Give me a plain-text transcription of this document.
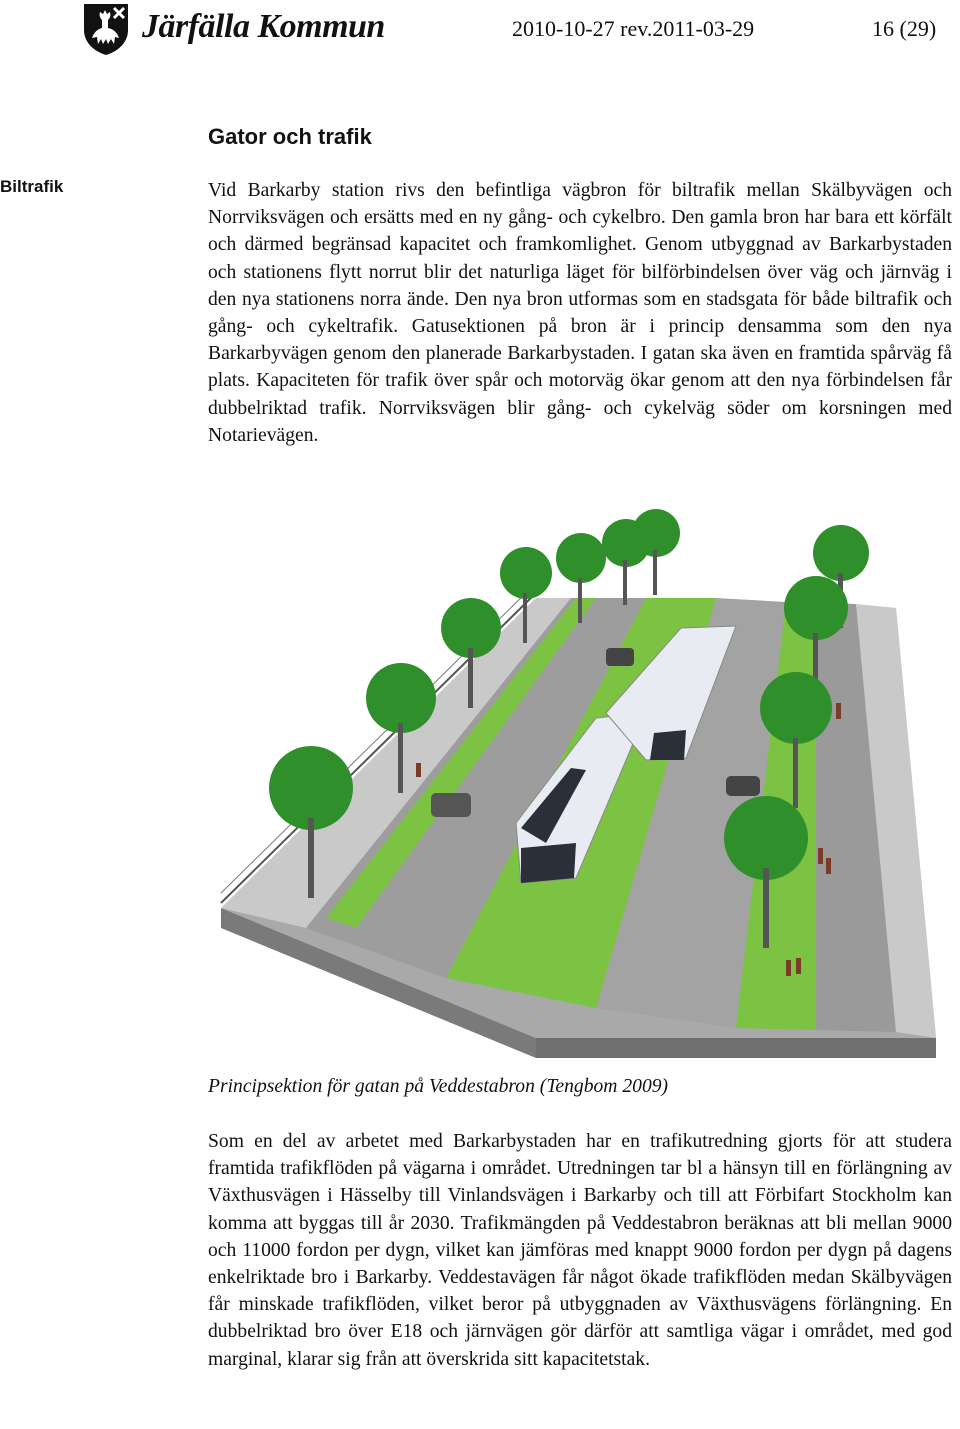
Järfälla Kommun	2010-10-27 rev.2011-03-29	16 (29)
Gator och trafik
Biltrafik	Vid Barkarby station rivs den befintliga vägbron för biltrafik mellan Skälbyvägen och Norrviksvägen och ersätts med en ny gång- och cykelbro. Den gamla bron har bara ett körfält och därmed begränsad kapacitet och framkomlighet. Genom utbyggnad av Barkarbystaden och stationens flytt norrut blir det naturliga läget för bilförbindelsen över väg och järnväg i den nya stationens norra ände. Den nya bron utformas som en stadsgata för både biltrafik och gång- och cykeltrafik. Gatusektionen på bron är i princip densamma som den nya Barkarbyvägen genom den planerade Barkarbystaden. I gatan ska även en framtida spårväg få plats. Kapaciteten för trafik över spår och motorväg ökar genom att den nya förbindelsen får dubbelriktad trafik. Norrviksvägen blir gång- och cykelväg söder om korsningen med Notarievägen.

Principsektion för gatan på Veddestabron (Tengbom 2009)

Som en del av arbetet med Barkarbystaden har en trafikutredning gjorts för att studera framtida trafikflöden på vägarna i området. Utredningen tar bl a hänsyn till en förlängning av Växthusvägen i Hässelby till Vinlandsvägen i Barkarby och till att Förbifart Stockholm kan komma att byggas till år 2030. Trafikmängden på Veddestabron beräknas att bli mellan 9000 och 11000 fordon per dygn, vilket kan jämföras med knappt 9000 fordon per dygn på dagens enkelriktade bro i Barkarby. Veddestavägen får något ökade trafikflöden medan Skälbyvägen får minskade trafikflöden, vilket beror på utbyggnaden av Växthusvägens förlängning. En dubbelriktad bro över E18 och järnvägen gör därför att samtliga vägar i området, med god marginal, klarar sig från att överskrida sitt kapacitetstak.
